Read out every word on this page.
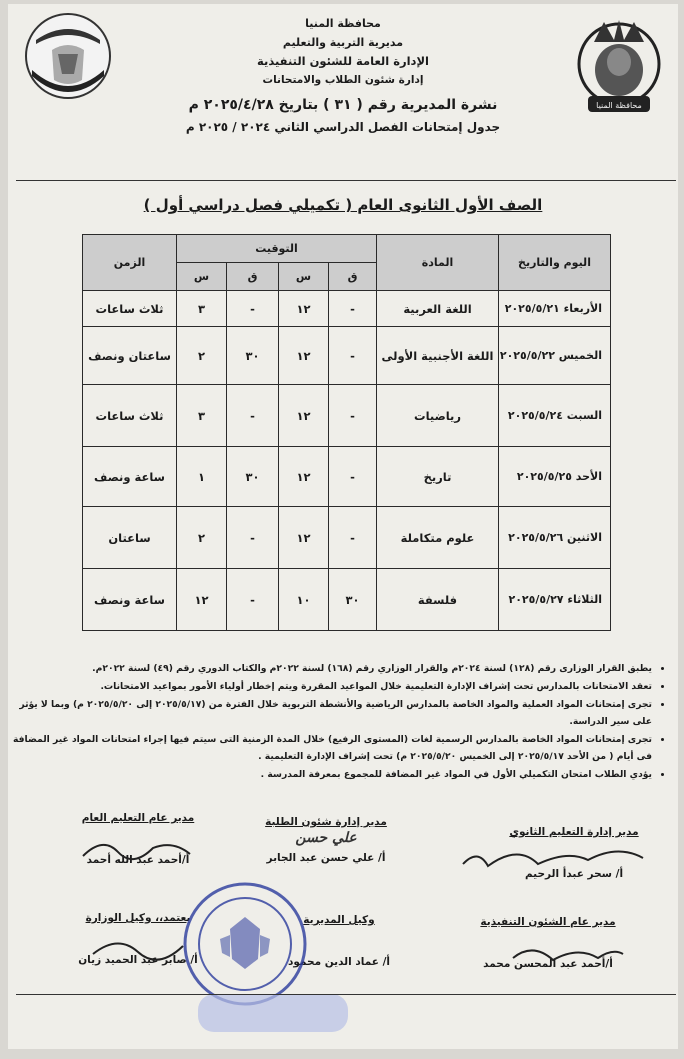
محافظة المنيا
محافظة المنيا
مديرية التربية والتعليم
الإدارة العامة للشئون التنفيذية
إدارة شئون الطلاب والامتحانات
نشرة المديرية رقم ( ٣١ ) بتاريخ ٢٠٢٥/٤/٢٨ م
جدول إمتحانات الفصل الدراسي الثاني ٢٠٢٤ / ٢٠٢٥ م
الصف الأول الثانوى العام ( تكميلي فصل دراسي أول )
اليوم والتاريخ	المادة	التوقيت				الزمن
		ق	س	ق	س	
الأربعاء ٢٠٢٥/٥/٢١	اللغة العربية	-	١٢	-	٣	ثلاث ساعات
الخميس ٢٠٢٥/٥/٢٢	اللغة الأجنبية الأولى	-	١٢	٣٠	٢	ساعتان ونصف
السبت ٢٠٢٥/٥/٢٤	رياضيات	-	١٢	-	٣	ثلاث ساعات
الأحد ٢٠٢٥/٥/٢٥	تاريخ	-	١٢	٣٠	١	ساعة ونصف
الاثنين ٢٠٢٥/٥/٢٦	علوم متكاملة	-	١٢	-	٢	ساعتان
الثلاثاء ٢٠٢٥/٥/٢٧	فلسفة	٣٠	١٠	-	١٢	ساعة ونصف
• يطبق القرار الوزارى رقم (١٢٨) لسنة ٢٠٢٤م والقرار الوزاري رقم (١٦٨) لسنة ٢٠٢٢م والكتاب الدوري رقم (٤٩) لسنة ٢٠٢٢م.
• تعقد الامتحانات بالمدارس تحت إشراف الإدارة التعليمية خلال المواعيد المقررة ويتم إخطار أولياء الأمور بمواعيد الامتحانات.
• تجرى إمتحانات المواد العملية والمواد الخاصة بالمدارس الرياضية والأنشطة التربوية خلال الفترة من (٢٠٢٥/٥/١٧ إلى ٢٠٢٥/٥/٢٠ م) وبما لا يؤثر على سير الدراسة.
• تجرى إمتحانات المواد الخاصة بالمدارس الرسمية لغات (المستوى الرفيع) خلال المدة الزمنية التى سيتم فيها إجراء امتحانات المواد غير المضافة فى أيام ( من الأحد ٢٠٢٥/٥/١٧ إلى الخميس ٢٠٢٥/٥/٢٠ م) تحت إشراف الإدارة التعليمية .
• يؤدي الطلاب امتحان التكميلي الأول في المواد غير المضافة للمجموع بمعرفة المدرسة .
مدير عام التعليم العام
أ/أحمد عبد الله أحمد
مدير إدارة شئون الطلبة
علي حسن
أ/ علي حسن عبد الجابر
مدير إدارة التعليم الثانوي
أ/ سحر عبدأ الرحيم
يعتمد،، وكيل الوزارة
أ/ صابر عبد الحميد زيان
وكيل المديرية
أ/ عماد الدين محمود
مدير عام الشئون التنفيذية
أ/أحمد عبد المحسن محمد
